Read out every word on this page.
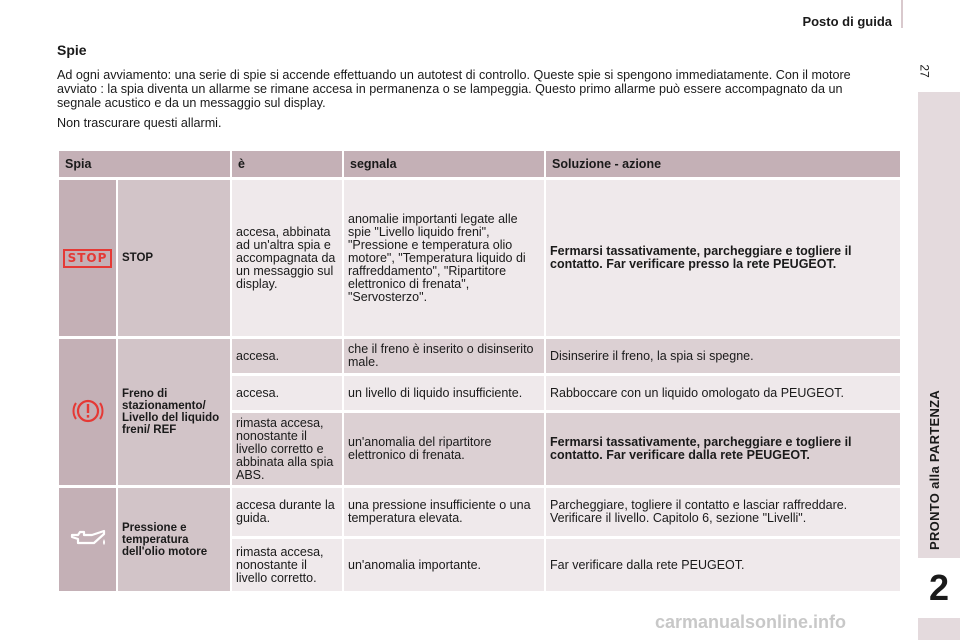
Posto di guida
27
PRONTO alla PARTENZA
2
Spie

Ad ogni avviamento: una serie di spie si accende effettuando un autotest di controllo. Queste spie si spengono immediatamente. Con il motore avviato : la spia diventa un allarme se rimane accesa in permanenza o se lampeggia. Questo primo allarme può essere accompagnato da un segnale acustico e da un messaggio sul display.

Non trascurare questi allarmi.

Spia		è	segnala	Soluzione - azione
STOP	STOP	accesa, abbinata ad un'altra spia e accompagnata da un messaggio sul display.	anomalie importanti legate alle spie "Livello liquido freni", "Pressione e temperatura olio motore", "Temperatura liquido di raffreddamento", "Ripartitore elettronico di frenata", "Servosterzo".	Fermarsi tassativamente, parcheggiare e togliere il contatto. Far verificare presso la rete PEUGEOT.
	Freno di stazionamento/ Livello del liquido freni/ REF	accesa.	che il freno è inserito o disinserito male.	Disinserire il freno, la spia si spegne.
		accesa.	un livello di liquido insufficiente.	Rabboccare con un liquido omologato da PEUGEOT.
		rimasta accesa, nonostante il livello corretto e abbinata alla spia ABS.	un'anomalia del ripartitore elettronico di frenata.	Fermarsi tassativamente, parcheggiare e togliere il contatto. Far verificare dalla rete PEUGEOT.
	Pressione e temperatura dell'olio motore	accesa durante la guida.	una pressione insufficiente o una temperatura elevata.	Parcheggiare, togliere il contatto e lasciar raffreddare. Verificare il livello. Capitolo 6, sezione "Livelli".
		rimasta accesa, nonostante il livello corretto.	un'anomalia importante.	Far verificare dalla rete PEUGEOT.
carmanualsonline.info
